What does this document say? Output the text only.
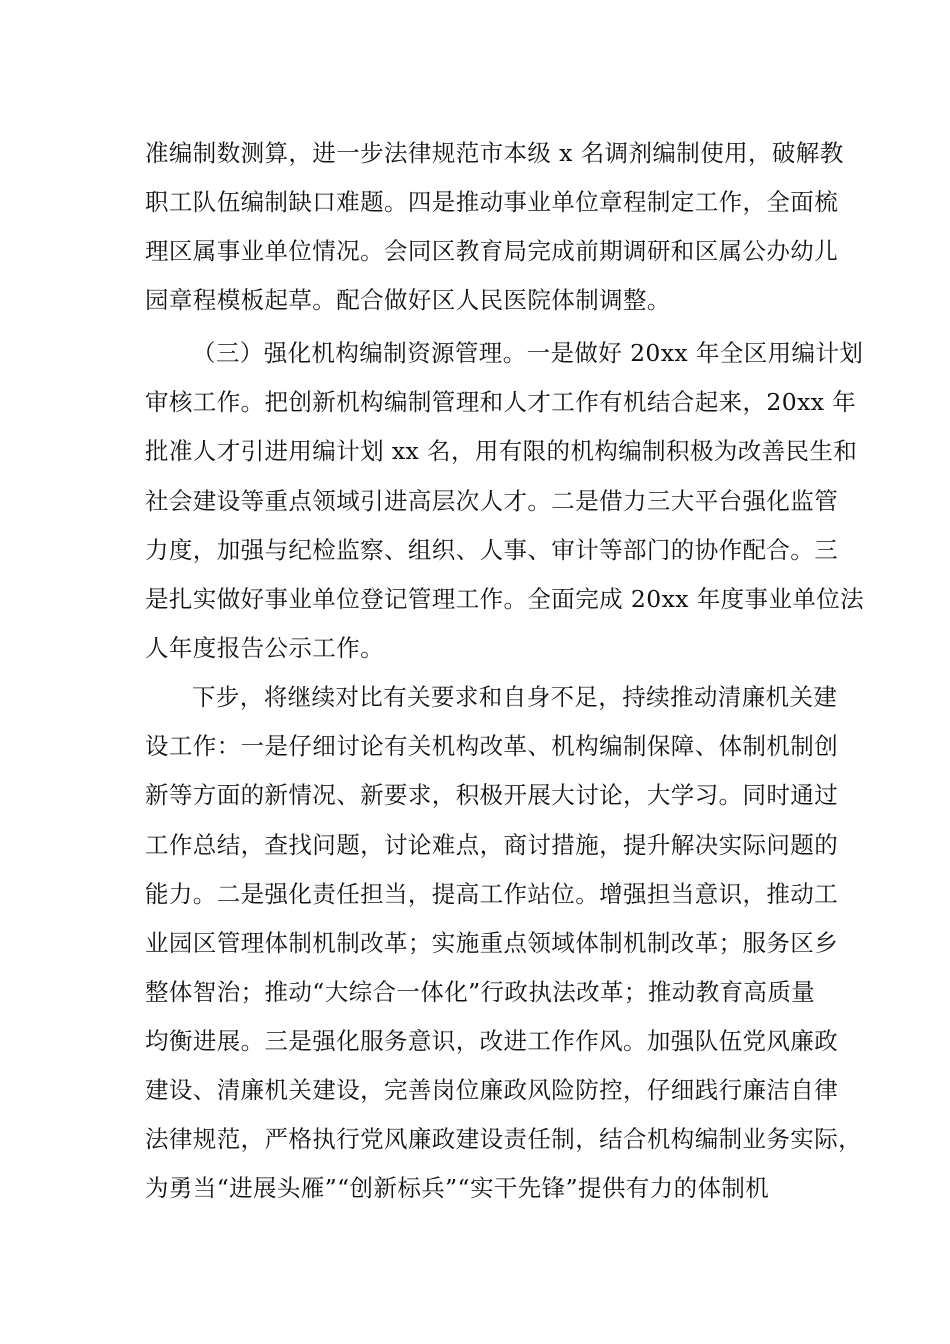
准编制数测算，进一步法律规范市本级 x 名调剂编制使用，破解教
职工队伍编制缺口难题。四是推动事业单位章程制定工作，全面梳
理区属事业单位情况。会同区教育局完成前期调研和区属公办幼儿
园章程模板起草。配合做好区人民医院体制调整。
（三）强化机构编制资源管理。一是做好 20xx 年全区用编计划
审核工作。把创新机构编制管理和人才工作有机结合起来，20xx 年
批准人才引进用编计划 xx 名，用有限的机构编制积极为改善民生和
社会建设等重点领域引进高层次人才。二是借力三大平台强化监管
力度，加强与纪检监察、组织、人事、审计等部门的协作配合。三
是扎实做好事业单位登记管理工作。全面完成 20xx 年度事业单位法
人年度报告公示工作。
下步，将继续对比有关要求和自身不足，持续推动清廉机关建
设工作：一是仔细讨论有关机构改革、机构编制保障、体制机制创
新等方面的新情况、新要求，积极开展大讨论，大学习。同时通过
工作总结，查找问题，讨论难点，商讨措施，提升解决实际问题的
能力。二是强化责任担当，提高工作站位。增强担当意识，推动工
业园区管理体制机制改革；实施重点领域体制机制改革；服务区乡
整体智治；推动“大综合一体化”行政执法改革；推动教育高质量
均衡进展。三是强化服务意识，改进工作作风。加强队伍党风廉政
建设、清廉机关建设，完善岗位廉政风险防控，仔细践行廉洁自律
法律规范，严格执行党风廉政建设责任制，结合机构编制业务实际，
为勇当“进展头雁”“创新标兵”“实干先锋”提供有力的体制机
